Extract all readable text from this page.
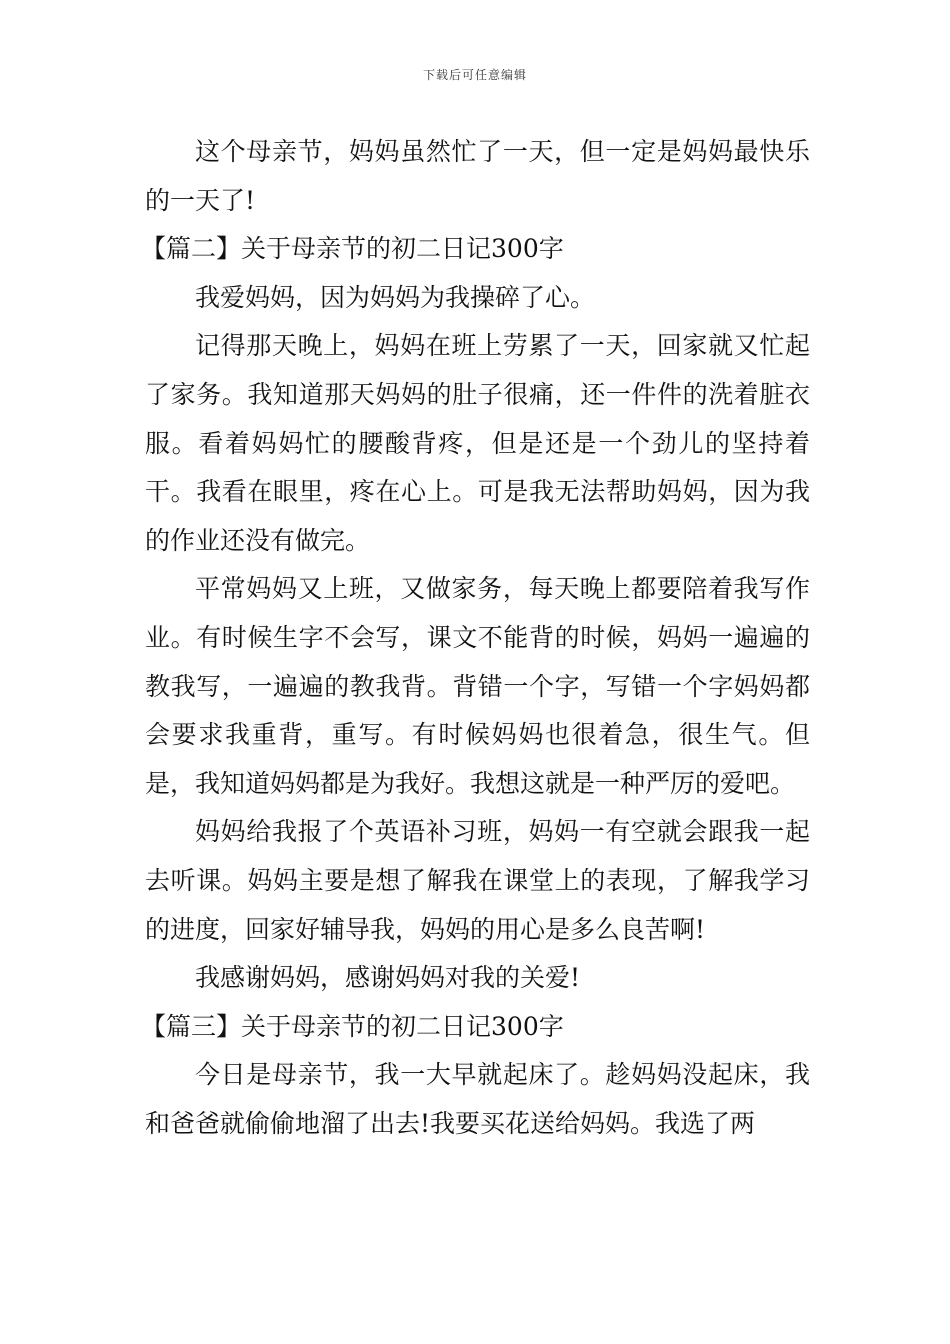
下载后可任意编辑

这个母亲节，妈妈虽然忙了一天，但一定是妈妈最快乐的一天了!

【篇二】关于母亲节的初二日记300字

我爱妈妈，因为妈妈为我操碎了心。

记得那天晚上，妈妈在班上劳累了一天，回家就又忙起了家务。我知道那天妈妈的肚子很痛，还一件件的洗着脏衣服。看着妈妈忙的腰酸背疼，但是还是一个劲儿的坚持着干。我看在眼里，疼在心上。可是我无法帮助妈妈，因为我的作业还没有做完。

平常妈妈又上班，又做家务，每天晚上都要陪着我写作业。有时候生字不会写，课文不能背的时候，妈妈一遍遍的教我写，一遍遍的教我背。背错一个字，写错一个字妈妈都会要求我重背，重写。有时候妈妈也很着急，很生气。但是，我知道妈妈都是为我好。我想这就是一种严厉的爱吧。

妈妈给我报了个英语补习班，妈妈一有空就会跟我一起去听课。妈妈主要是想了解我在课堂上的表现，了解我学习的进度，回家好辅导我，妈妈的用心是多么良苦啊!

我感谢妈妈，感谢妈妈对我的关爱!

【篇三】关于母亲节的初二日记300字

今日是母亲节，我一大早就起床了。趁妈妈没起床，我和爸爸就偷偷地溜了出去!我要买花送给妈妈。我选了两
